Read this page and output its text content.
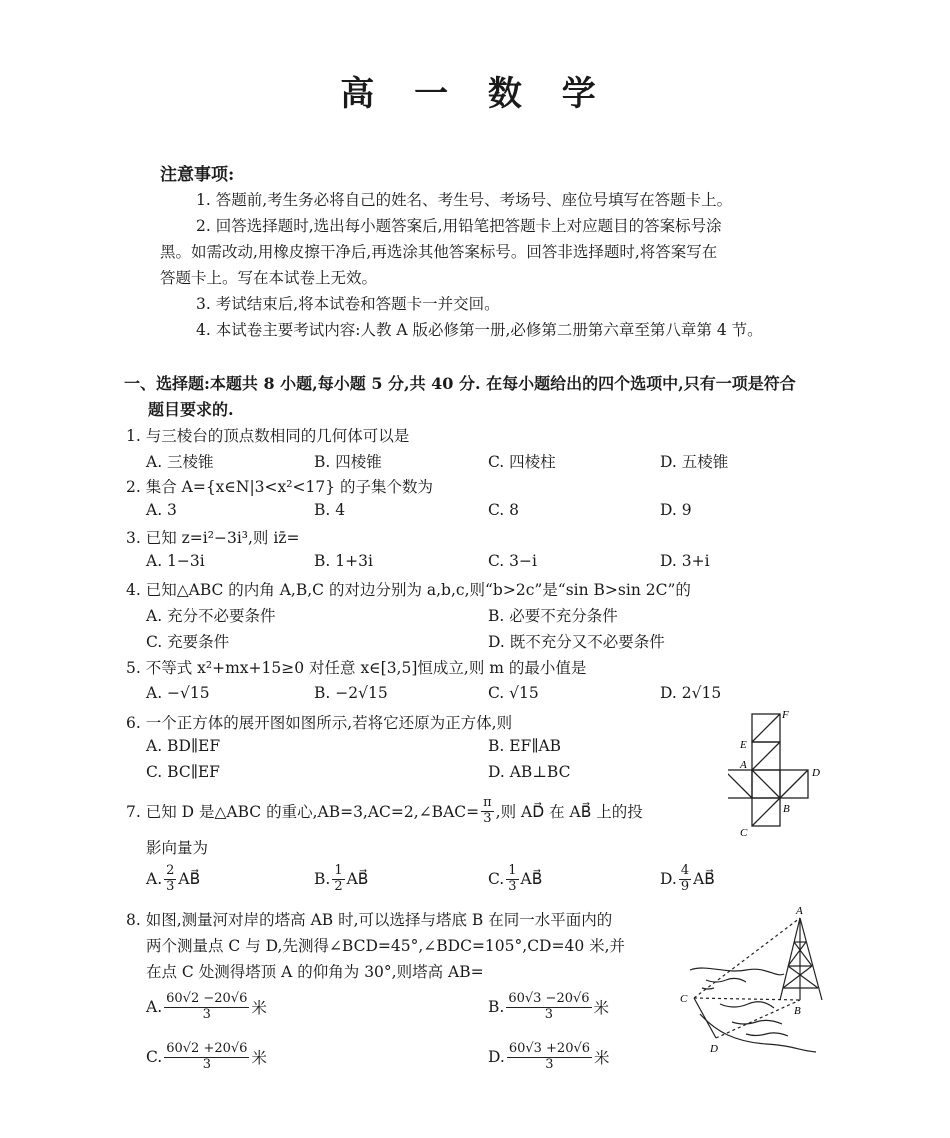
高 一 数 学
注意事项:
1. 答题前,考生务必将自己的姓名、考生号、考场号、座位号填写在答题卡上。
2. 回答选择题时,选出每小题答案后,用铅笔把答题卡上对应题目的答案标号涂
黑。如需改动,用橡皮擦干净后,再选涂其他答案标号。回答非选择题时,将答案写在
答题卡上。写在本试卷上无效。
3. 考试结束后,将本试卷和答题卡一并交回。
4. 本试卷主要考试内容:人教 A 版必修第一册,必修第二册第六章至第八章第 4 节。
一、选择题:本题共 8 小题,每小题 5 分,共 40 分. 在每小题给出的四个选项中,只有一项是符合
题目要求的.
1. 与三棱台的顶点数相同的几何体可以是
A. 三棱锥	B. 四棱锥	C. 四棱柱	D. 五棱锥
2. 集合 A={x∈N|3<x²<17} 的子集个数为
A. 3	B. 4	C. 8	D. 9
3. 已知 z=i²−3i³,则 iz̄=
A. 1−3i	B. 1+3i	C. 3−i	D. 3+i
4. 已知△ABC 的内角 A,B,C 的对边分别为 a,b,c,则“b>2c”是“sin B>sin 2C”的
A. 充分不必要条件	B. 必要不充分条件
C. 充要条件	D. 既不充分又不必要条件
5. 不等式 x²+mx+15≥0 对任意 x∈[3,5]恒成立,则 m 的最小值是
A. −√15	B. −2√15	C. √15	D. 2√15
6. 一个正方体的展开图如图所示,若将它还原为正方体,则
A. BD∥EF	B. EF∥AB
C. BC∥EF	D. AB⊥BC
F
E
A
D
B
C
7. 已知 D 是△ABC 的重心,AB=3,AC=2,∠BAC= $\frac{\pi}{3}$ ,则 AD⃗ 在 AB⃗ 上的投
影向量为
A. $\frac{2}{3}$ AB⃗	B. $\frac{1}{2}$ AB⃗	C. $\frac{1}{3}$ AB⃗	D. $\frac{4}{9}$ AB⃗
8. 如图,测量河对岸的塔高 AB 时,可以选择与塔底 B 在同一水平面内的
两个测量点 C 与 D,先测得∠BCD=45°,∠BDC=105°,CD=40 米,并
在点 C 处测得塔顶 A 的仰角为 30°,则塔高 AB=
A. $\frac{60√2 -20√6}{3}$ 米	B. $\frac{60√3 -20√6}{3}$ 米
C. $\frac{60√2 +20√6}{3}$ 米	D. $\frac{60√3 +20√6}{3}$ 米
A
B
C
D
